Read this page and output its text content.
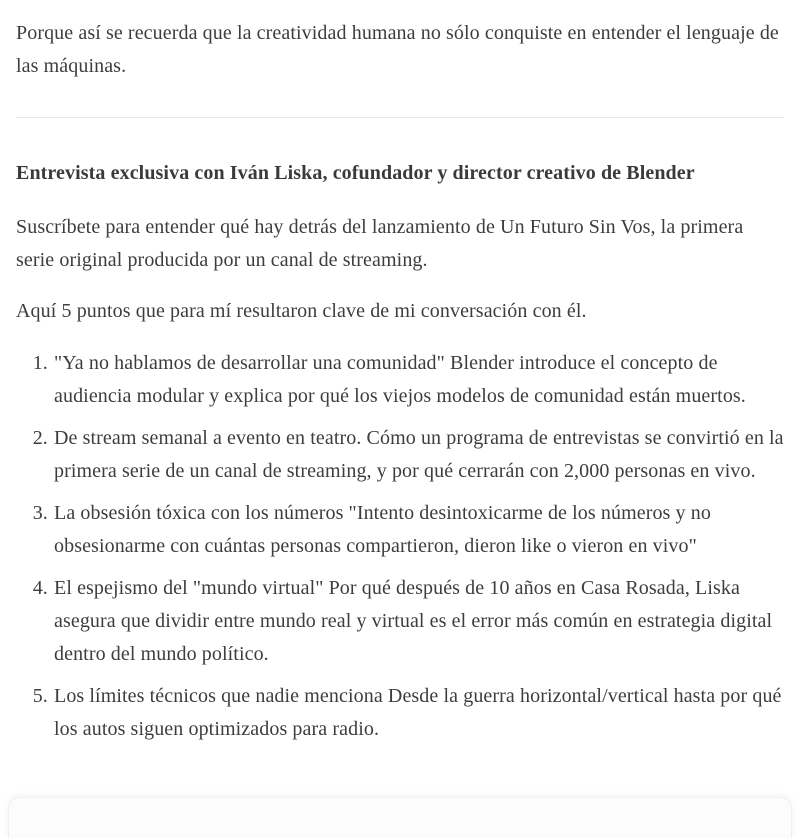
Porque así se recuerda que la creatividad humana no sólo conquiste en entender el lenguaje de las máquinas.

Entrevista exclusiva con Iván Liska, cofundador y director creativo de Blender

Suscríbete para entender qué hay detrás del lanzamiento de Un Futuro Sin Vos, la primera serie original producida por un canal de streaming.

Aquí 5 puntos que para mí resultaron clave de mi conversación con él.

1. "Ya no hablamos de desarrollar una comunidad" Blender introduce el concepto de audiencia modular y explica por qué los viejos modelos de comunidad están muertos.
2. De stream semanal a evento en teatro. Cómo un programa de entrevistas se convirtió en la primera serie de un canal de streaming, y por qué cerrarán con 2,000 personas en vivo.
3. La obsesión tóxica con los números "Intento desintoxicarme de los números y no obsesionarme con cuántas personas compartieron, dieron like o vieron en vivo"
4. El espejismo del "mundo virtual" Por qué después de 10 años en Casa Rosada, Liska asegura que dividir entre mundo real y virtual es el error más común en estrategia digital dentro del mundo político.
5. Los límites técnicos que nadie menciona Desde la guerra horizontal/vertical hasta por qué los autos siguen optimizados para radio.
